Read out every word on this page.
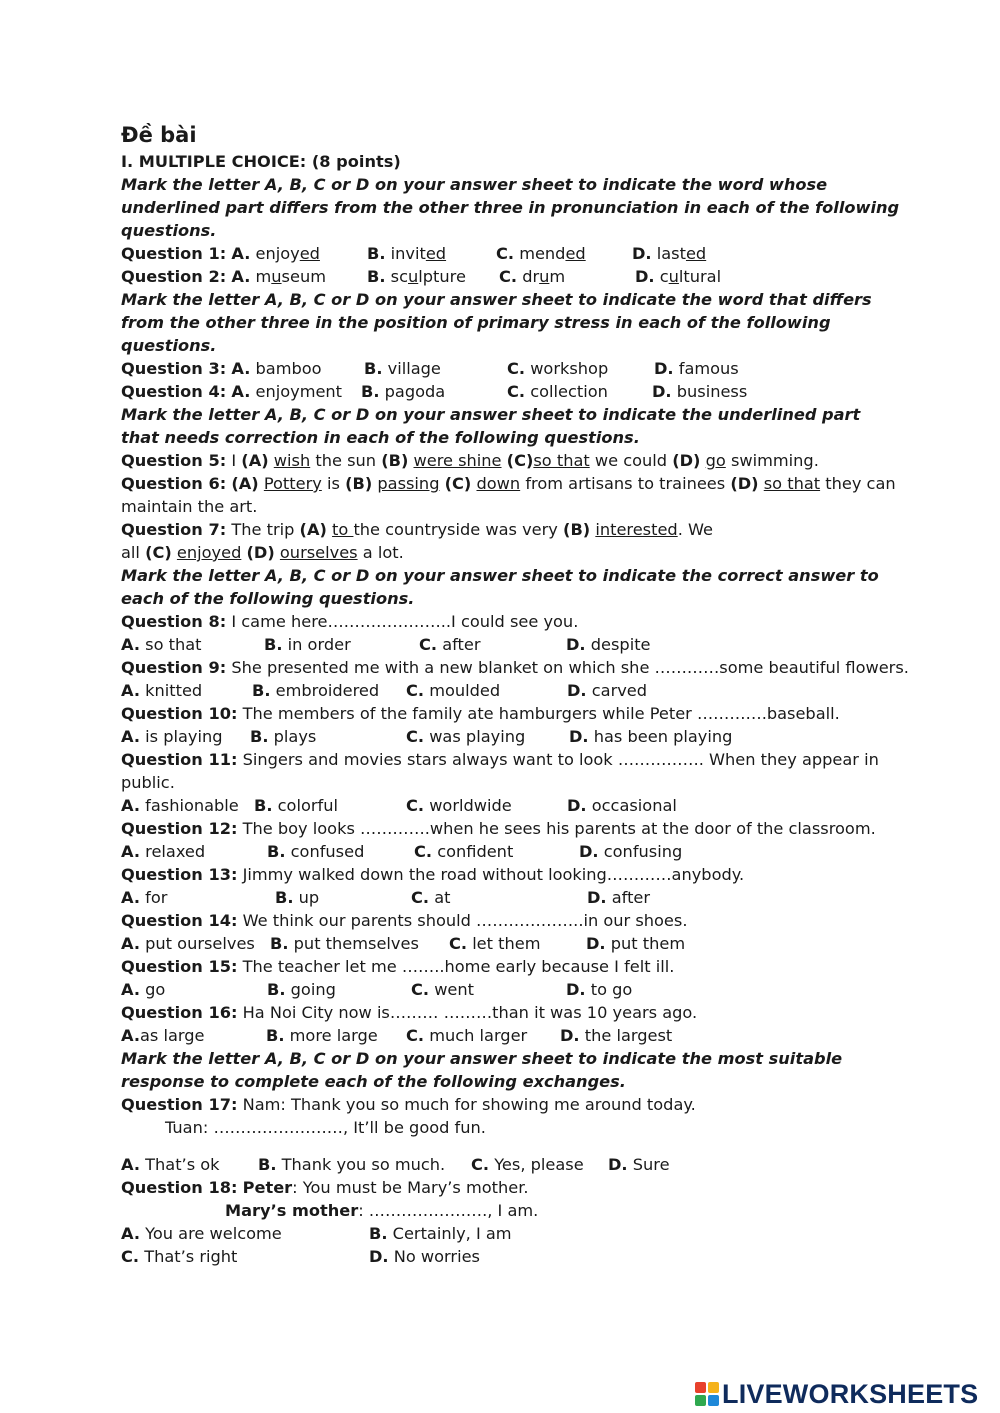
Đề bài
I. MULTIPLE CHOICE: (8 points)
Mark the letter A, B, C or D on your answer sheet to indicate the word whose underlined part differs from the other three in pronunciation in each of the following questions.
Question 1: A. enjoyed	B. invited	C. mended	D. lasted
Question 2: A. museum	B. sculpture C. drum	D. cultural
Mark the letter A, B, C or D on your answer sheet to indicate the word that differs from the other three in the position of primary stress in each of the following questions.
Question 3: A. bamboo	B. village	C. workshop	D. famous
Question 4: A. enjoyment B. pagoda	C. collection	D. business
Mark the letter A, B, C or D on your answer sheet to indicate the underlined part that needs correction in each of the following questions.
Question 5: I (A) wish the sun (B) were shine (C)so that we could (D) go swimming.
Question 6: (A) Pottery is (B) passing (C) down from artisans to trainees (D) so that they can
maintain the art.
Question 7: The trip (A) to the countryside was very (B) interested. We
all (C) enjoyed (D) ourselves a lot.
Mark the letter A, B, C or D on your answer sheet to indicate the correct answer to each of the following questions.
Question 8: I came here…………………..I could see you.
A. so that	B. in order	C. after	D. despite
Question 9: She presented me with a new blanket on which she …………some beautiful flowers.
A. knitted	B. embroidered C. moulded	D. carved
Question 10: The members of the family ate hamburgers while Peter ………….baseball.
A. is playing B. plays	C. was playing	D. has been playing
Question 11: Singers and movies stars always want to look ……………. When they appear in
public.
A. fashionable B. colorful	C. worldwide	D. occasional
Question 12: The boy looks ………….when he sees his parents at the door of the classroom.
A. relaxed	B. confused	C. confident	D. confusing
Question 13: Jimmy walked down the road without looking…………anybody.
A. for	B. up	C. at	D. after
Question 14: We think our parents should ………………..in our shoes.
A. put ourselves B. put themselves C. let them	D. put them
Question 15: The teacher let me ……..home early because I felt ill.
A. go	B. going	C. went	D. to go
Question 16: Ha Noi City now is……… ………than it was 10 years ago.
A.as large	B. more large C. much larger D. the largest
Mark the letter A, B, C or D on your answer sheet to indicate the most suitable response to complete each of the following exchanges.
Question 17: Nam: Thank you so much for showing me around today.
Tuan: ……………………, It’ll be good fun.
A. That’s ok B. Thank you so much. C. Yes, please D. Sure
Question 18: Peter: You must be Mary’s mother.
Mary’s mother: …………………., I am.
A. You are welcome	B. Certainly, I am
C. That’s right	D. No worries
LIVEWORKSHEETS
